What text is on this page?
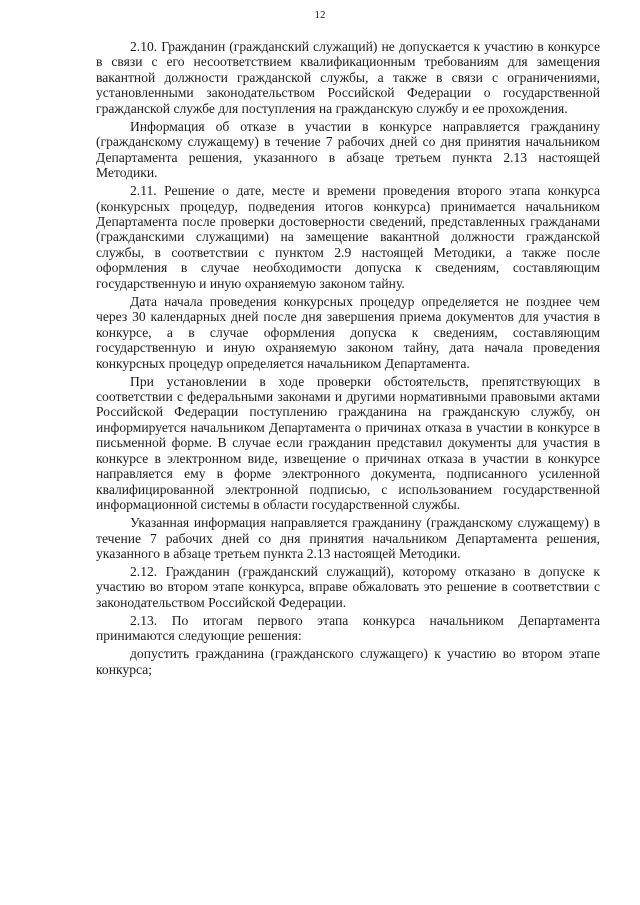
12

2.10. Гражданин (гражданский служащий) не допускается к участию в конкурсе в связи с его несоответствием квалификационным требованиям для замещения вакантной должности гражданской службы, а также в связи с ограничениями, установленными законодательством Российской Федерации о государственной гражданской службе для поступления на гражданскую службу и ее прохождения.

Информация об отказе в участии в конкурсе направляется гражданину (гражданскому служащему) в течение 7 рабочих дней со дня принятия начальником Департамента решения, указанного в абзаце третьем пункта 2.13 настоящей Методики.

2.11. Решение о дате, месте и времени проведения второго этапа конкурса (конкурсных процедур, подведения итогов конкурса) принимается начальником Департамента после проверки достоверности сведений, представленных гражданами (гражданскими служащими) на замещение вакантной должности гражданской службы, в соответствии с пунктом 2.9 настоящей Методики, а также после оформления в случае необходимости допуска к сведениям, составляющим государственную и иную охраняемую законом тайну.

Дата начала проведения конкурсных процедур определяется не позднее чем через 30 календарных дней после дня завершения приема документов для участия в конкурсе, а в случае оформления допуска к сведениям, составляющим государственную и иную охраняемую законом тайну, дата начала проведения конкурсных процедур определяется начальником Департамента.

При установлении в ходе проверки обстоятельств, препятствующих в соответствии с федеральными законами и другими нормативными правовыми актами Российской Федерации поступлению гражданина на гражданскую службу, он информируется начальником Департамента о причинах отказа в участии в конкурсе в письменной форме. В случае если гражданин представил документы для участия в конкурсе в электронном виде, извещение о причинах отказа в участии в конкурсе направляется ему в форме электронного документа, подписанного усиленной квалифицированной электронной подписью, с использованием государственной информационной системы в области государственной службы.

Указанная информация направляется гражданину (гражданскому служащему) в течение 7 рабочих дней со дня принятия начальником Департамента решения, указанного в абзаце третьем пункта 2.13 настоящей Методики.

2.12. Гражданин (гражданский служащий), которому отказано в допуске к участию во втором этапе конкурса, вправе обжаловать это решение в соответствии с законодательством Российской Федерации.

2.13. По итогам первого этапа конкурса начальником Департамента принимаются следующие решения:

допустить гражданина (гражданского служащего) к участию во втором этапе конкурса;
